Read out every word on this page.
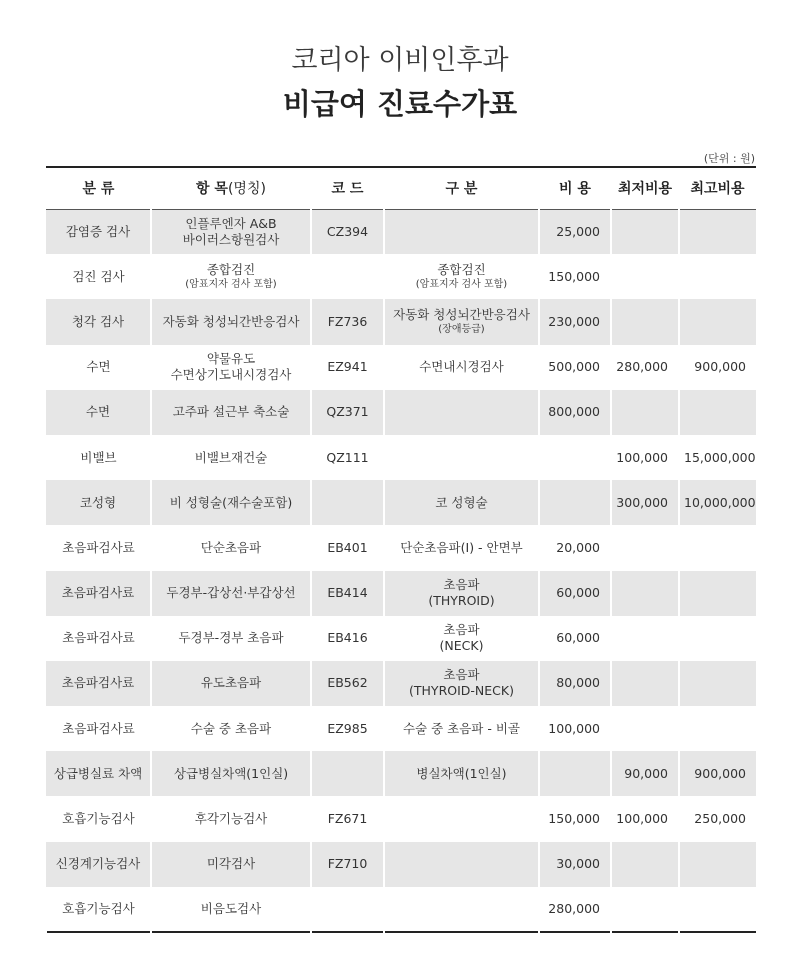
코리아 이비인후과
비급여 진료수가표
(단위 : 원)
분 류	항 목(명칭)	코 드	구 분	비 용	최저비용	최고비용

감염증 검사	인플루엔자 A&B
바이러스항원검사	CZ394		25,000		

검진 검사	종합검진
(암표지자 검사 포함)		종합검진
(암표지자 검사 포함)	150,000		

청각 검사	자동화 청성뇌간반응검사	FZ736	자동화 청성뇌간반응검사
(장애등급)	230,000		

수면	약물유도
수면상기도내시경검사	EZ941	수면내시경검사	500,000	280,000	900,000

수면	고주파 설근부 축소술	QZ371		800,000		

비밸브	비밸브재건술	QZ111			100,000	15,000,000

코성형	비 성형술(재수술포함)		코 성형술		300,000	10,000,000

초음파검사료	단순초음파	EB401	단순초음파(Ⅰ) - 안면부	20,000		

초음파검사료	두경부-갑상선·부갑상선	EB414	초음파
(THYROID)	60,000		

초음파검사료	두경부-경부 초음파	EB416	초음파
(NECK)	60,000		

초음파검사료	유도초음파	EB562	초음파
(THYROID-NECK)	80,000		

초음파검사료	수술 중 초음파	EZ985	수술 중 초음파 - 비골	100,000		

상급병실료 차액	상급병실차액(1인실)		병실차액(1인실)		90,000	900,000

호흡기능검사	후각기능검사	FZ671		150,000	100,000	250,000

신경계기능검사	미각검사	FZ710		30,000		

호흡기능검사	비음도검사			280,000		
